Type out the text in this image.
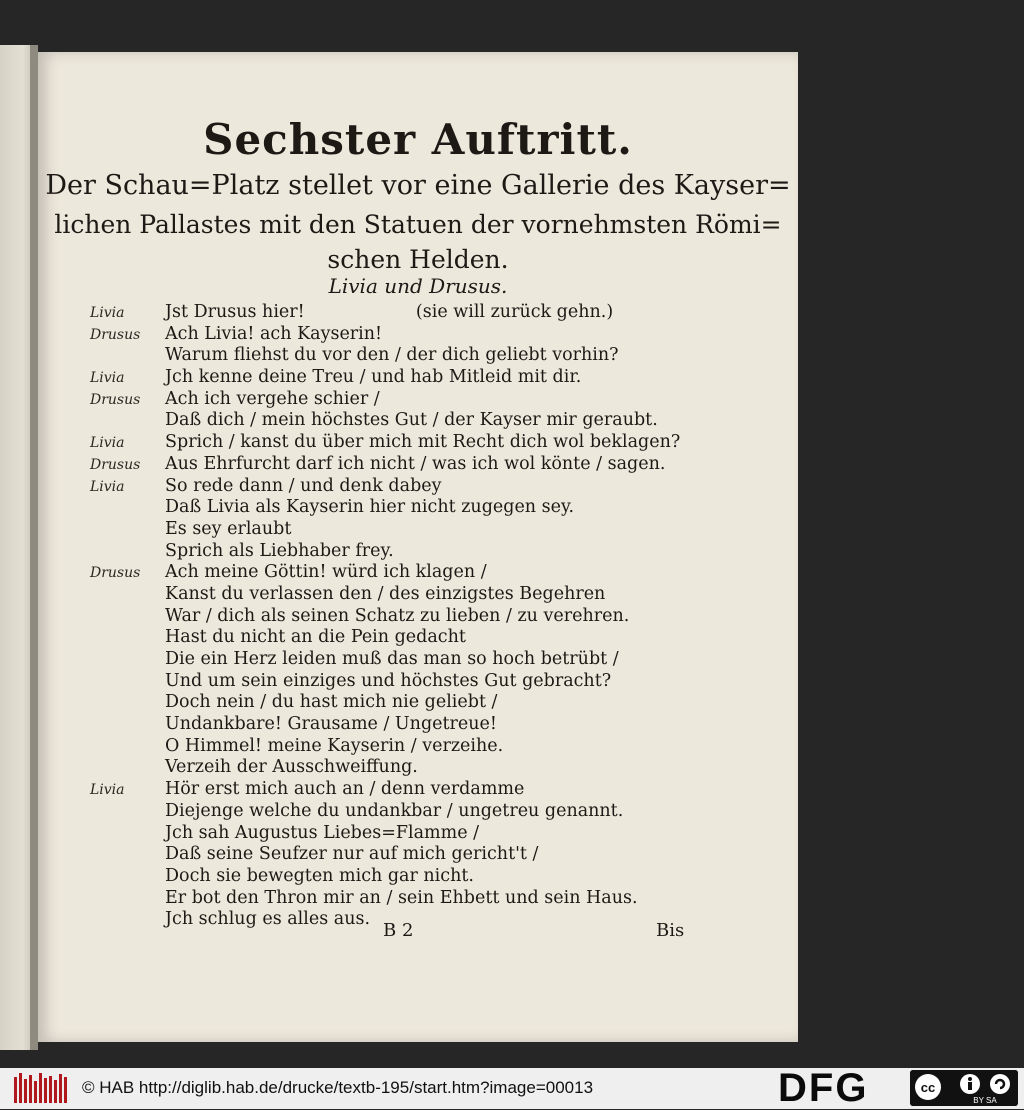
Sechster Auftritt.
Der Schau=Platz stellet vor eine Gallerie des Kayser=
lichen Pallastes mit den Statuen der vornehmsten Römi=
schen Helden.
Livia und Drusus.
Livia	Jst Drusus hier!                    (sie will zurück gehn.)
Drusus	Ach Livia! ach Kayserin!
Warum fliehst du vor den / der dich geliebt vorhin?
Livia	Jch kenne deine Treu / und hab Mitleid mit dir.
Drusus	Ach ich vergehe schier /
Daß dich / mein höchstes Gut / der Kayser mir geraubt.
Livia	Sprich / kanst du über mich mit Recht dich wol beklagen?
Drusus	Aus Ehrfurcht darf ich nicht / was ich wol könte / sagen.
Livia	So rede dann / und denk dabey
Daß Livia als Kayserin hier nicht zugegen sey.
Es sey erlaubt
Sprich als Liebhaber frey.
Drusus	Ach meine Göttin! würd ich klagen /
Kanst du verlassen den / des einzigstes Begehren
War / dich als seinen Schatz zu lieben / zu verehren.
Hast du nicht an die Pein gedacht
Die ein Herz leiden muß das man so hoch betrübt /
Und um sein einziges und höchstes Gut gebracht?
Doch nein / du hast mich nie geliebt /
Undankbare! Grausame / Ungetreue!
O Himmel! meine Kayserin / verzeihe.
Verzeih der Ausschweiffung.
Livia	Hör erst mich auch an / denn verdamme
Diejenge welche du undankbar / ungetreu genannt.
Jch sah Augustus Liebes=Flamme /
Daß seine Seufzer nur auf mich gericht't /
Doch sie bewegten mich gar nicht.
Er bot den Thron mir an / sein Ehbett und sein Haus.
Jch schlug es alles aus.
B 2	Bis
© HAB http://diglib.hab.de/drucke/textb-195/start.htm?image=00013	DFG	cc
BY SA
